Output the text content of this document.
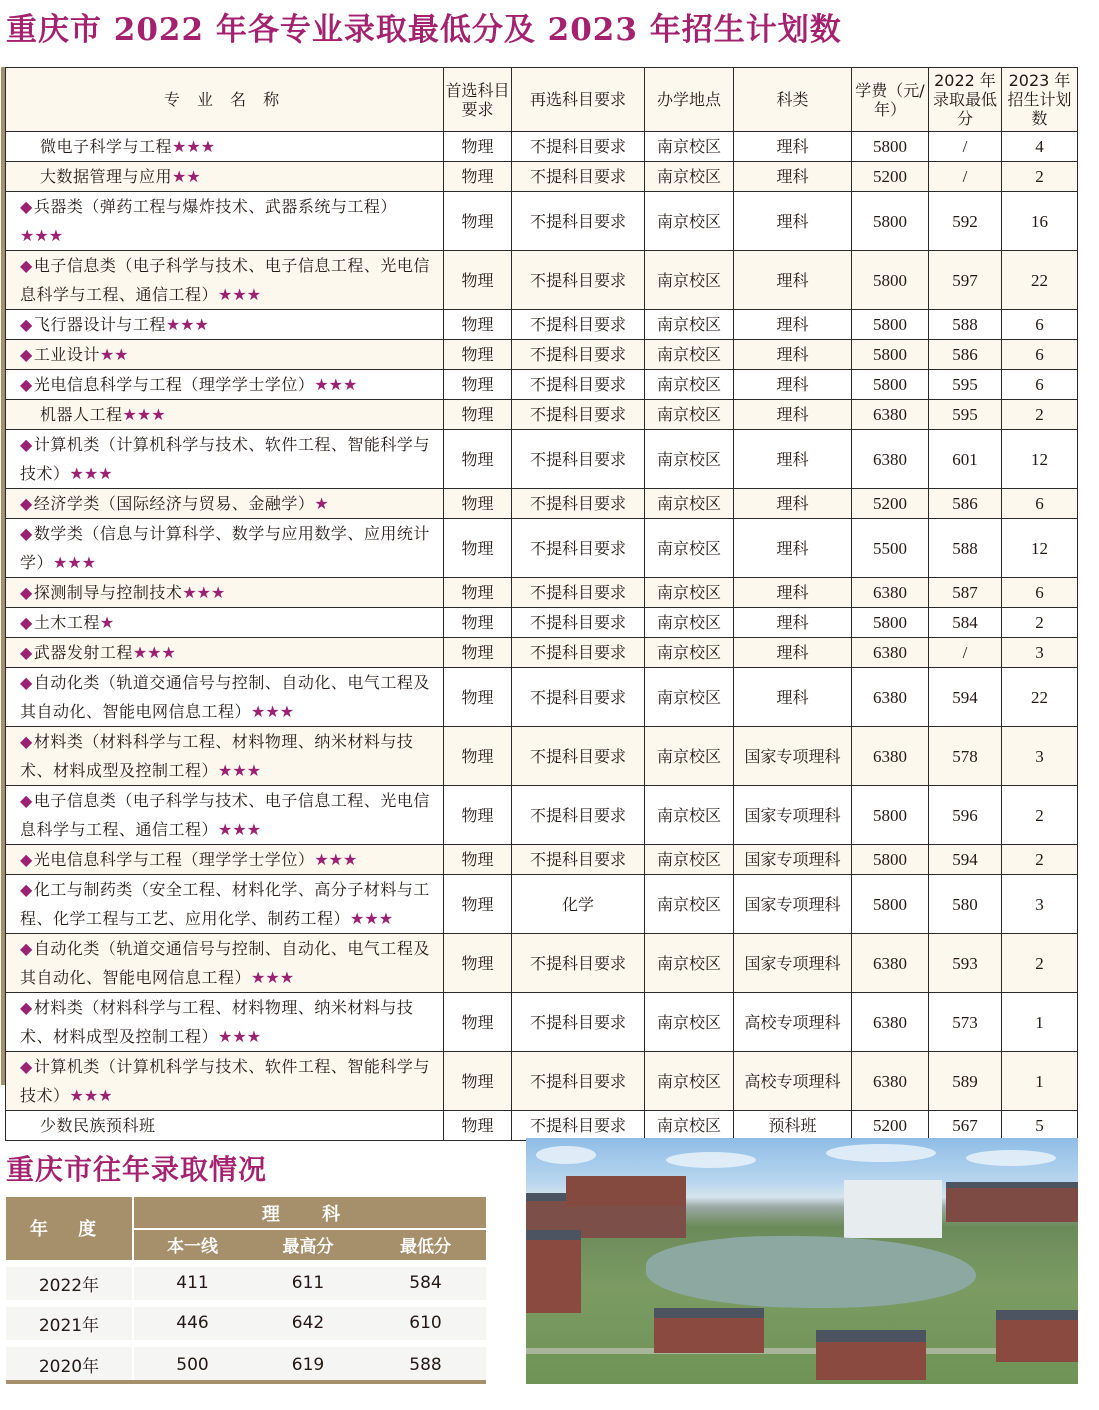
重庆市 2022 年各专业录取最低分及 2023 年招生计划数
专 业 名 称	首选科目要求	再选科目要求	办学地点	科类	学费（元/年）	2022 年录取最低分	2023 年招生计划数
微电子科学与工程★★★	物理	不提科目要求	南京校区	理科	5800	/	4
大数据管理与应用★★	物理	不提科目要求	南京校区	理科	5200	/	2
◆兵器类（弹药工程与爆炸技术、武器系统与工程）★★★	物理	不提科目要求	南京校区	理科	5800	592	16
◆电子信息类（电子科学与技术、电子信息工程、光电信息科学与工程、通信工程）★★★	物理	不提科目要求	南京校区	理科	5800	597	22
◆飞行器设计与工程★★★	物理	不提科目要求	南京校区	理科	5800	588	6
◆工业设计★★	物理	不提科目要求	南京校区	理科	5800	586	6
◆光电信息科学与工程（理学学士学位）★★★	物理	不提科目要求	南京校区	理科	5800	595	6
机器人工程★★★	物理	不提科目要求	南京校区	理科	6380	595	2
◆计算机类（计算机科学与技术、软件工程、智能科学与技术）★★★	物理	不提科目要求	南京校区	理科	6380	601	12
◆经济学类（国际经济与贸易、金融学）★	物理	不提科目要求	南京校区	理科	5200	586	6
◆数学类（信息与计算科学、数学与应用数学、应用统计学）★★★	物理	不提科目要求	南京校区	理科	5500	588	12
◆探测制导与控制技术★★★	物理	不提科目要求	南京校区	理科	6380	587	6
◆土木工程★	物理	不提科目要求	南京校区	理科	5800	584	2
◆武器发射工程★★★	物理	不提科目要求	南京校区	理科	6380	/	3
◆自动化类（轨道交通信号与控制、自动化、电气工程及其自动化、智能电网信息工程）★★★	物理	不提科目要求	南京校区	理科	6380	594	22
◆材料类（材料科学与工程、材料物理、纳米材料与技术、材料成型及控制工程）★★★	物理	不提科目要求	南京校区	国家专项理科	6380	578	3
◆电子信息类（电子科学与技术、电子信息工程、光电信息科学与工程、通信工程）★★★	物理	不提科目要求	南京校区	国家专项理科	5800	596	2
◆光电信息科学与工程（理学学士学位）★★★	物理	不提科目要求	南京校区	国家专项理科	5800	594	2
◆化工与制药类（安全工程、材料化学、高分子材料与工程、化学工程与工艺、应用化学、制药工程）★★★	物理	化学	南京校区	国家专项理科	5800	580	3
◆自动化类（轨道交通信号与控制、自动化、电气工程及其自动化、智能电网信息工程）★★★	物理	不提科目要求	南京校区	国家专项理科	6380	593	2
◆材料类（材料科学与工程、材料物理、纳米材料与技术、材料成型及控制工程）★★★	物理	不提科目要求	南京校区	高校专项理科	6380	573	1
◆计算机类（计算机科学与技术、软件工程、智能科学与技术）★★★	物理	不提科目要求	南京校区	高校专项理科	6380	589	1
少数民族预科班	物理	不提科目要求	南京校区	预科班	5200	567	5
重庆市往年录取情况
年 度	理 科		
	本一线	最高分	最低分
2022年	411	611	584
2021年	446	642	610
2020年	500	619	588
